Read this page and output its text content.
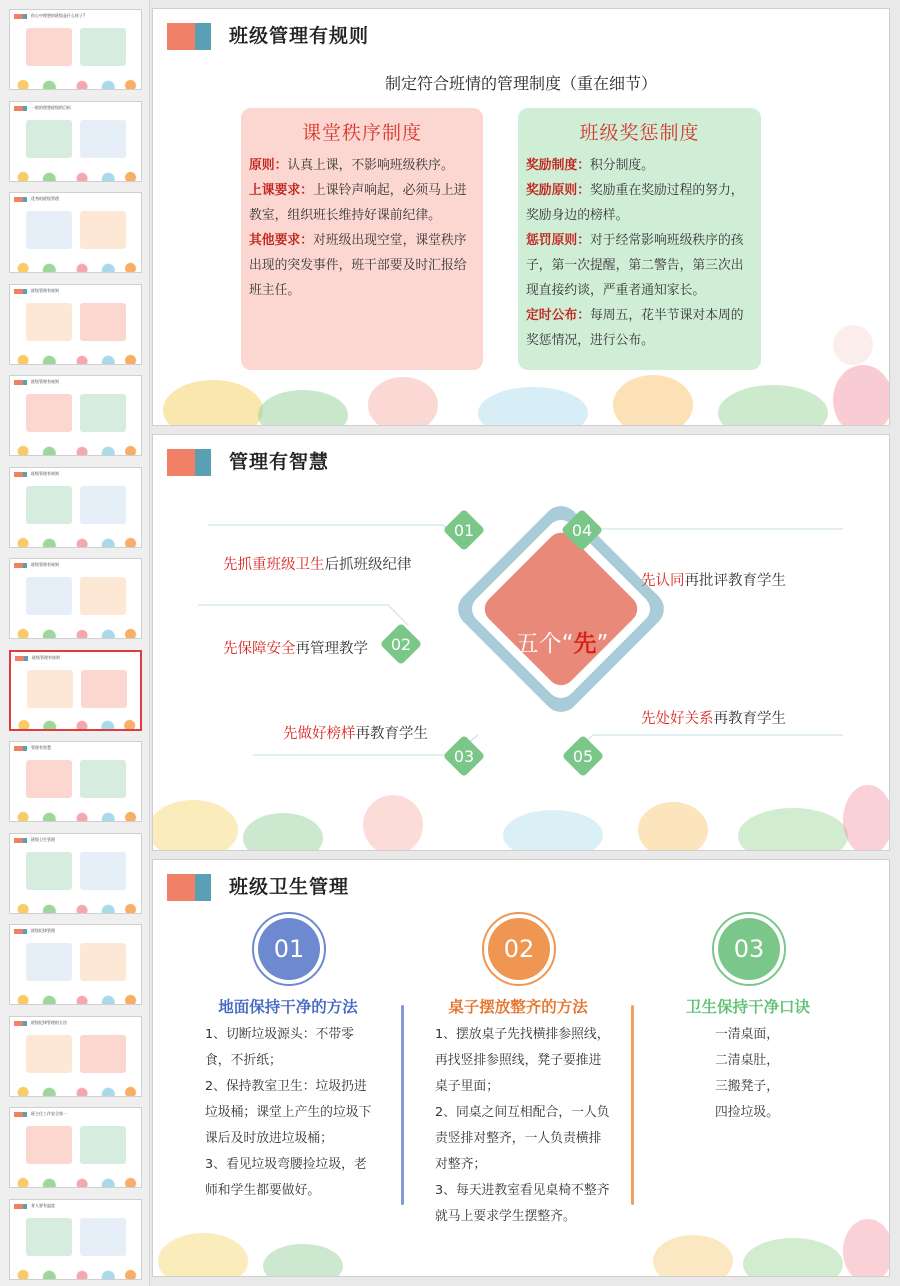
你心中理想的班级是什么样子?
一般的理想班级的目标
优秀的班级管理
班级管理有规则
班级管理有规则
班级管理有规则
班级管理有规则
班级管理有规则
管理有智慧
班级卫生管理
班级纪律管理
班级纪律管理的方法
班主任工作安全第一
育人要有温度
班级管理有规则
制定符合班情的管理制度（重在细节）
课堂秩序制度

原则：认真上课，不影响班级秩序。

上课要求：上课铃声响起，必须马上进教室，组织班长维持好课前纪律。

其他要求：对班级出现空堂，课堂秩序出现的突发事件，班干部要及时汇报给班主任。

班级奖惩制度

奖励制度：积分制度。

奖励原则：奖励重在奖励过程的努力，奖励身边的榜样。

惩罚原则：对于经常影响班级秩序的孩子，第一次提醒，第二警告，第三次出现直接约谈，严重者通知家长。

定时公布：每周五，花半节课对本周的奖惩情况，进行公布。

管理有智慧
五个“先”
01
02
03
04
05
先抓重班级卫生后抓班级纪律
先保障安全再管理教学
先做好榜样再教育学生
先认同再批评教育学生
先处好关系再教育学生
班级卫生管理
01
地面保持干净的方法
1、切断垃圾源头：不带零食，不折纸；
2、保持教室卫生：垃圾扔进垃圾桶；课堂上产生的垃圾下课后及时放进垃圾桶；
3、看见垃圾弯腰捡垃圾，老师和学生都要做好。
02
桌子摆放整齐的方法
1、摆放桌子先找横排参照线，再找竖排参照线，凳子要推进桌子里面；
2、同桌之间互相配合，一人负责竖排对整齐，一人负责横排对整齐；
3、每天进教室看见桌椅不整齐就马上要求学生摆整齐。
03
卫生保持干净口诀
一清桌面，
二清桌肚，
三搬凳子，
四捡垃圾。
